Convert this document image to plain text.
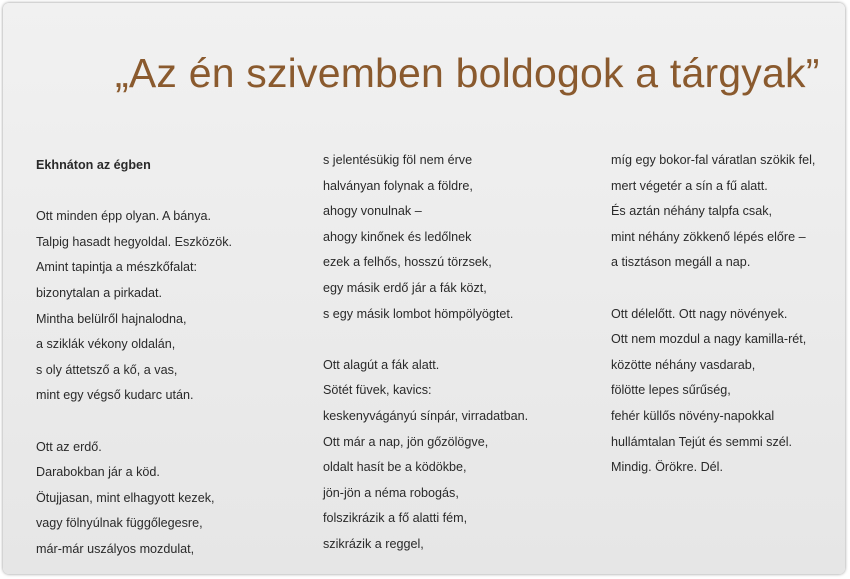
„Az én szivemben boldogok a tárgyak”
Ekhnáton az égben
Ott minden épp olyan. A bánya.
Talpig hasadt hegyoldal. Eszközök.
Amint tapintja a mészkőfalat:
bizonytalan a pirkadat.
Mintha belülről hajnalodna,
a sziklák vékony oldalán,
s oly áttetsző a kő, a vas,
mint egy végső kudarc után.
Ott az erdő.
Darabokban jár a köd.
Ötujjasan, mint elhagyott kezek,
vagy fölnyúlnak függőlegesre,
már-már uszályos mozdulat,
s jelentésükig föl nem érve
halványan folynak a földre,
ahogy vonulnak –
ahogy kinőnek és ledőlnek
ezek a felhős, hosszú törzsek,
egy másik erdő jár a fák közt,
s egy másik lombot hömpölyögtet.
Ott alagút a fák alatt.
Sötét füvek, kavics:
keskenyvágányú sínpár, virradatban.
Ott már a nap, jön gőzölögve,
oldalt hasít be a ködökbe,
jön-jön a néma robogás,
folszikrázik a fő alatti fém,
szikrázik a reggel,
míg egy bokor-fal váratlan szökik fel,
mert végetér a sín a fű alatt.
És aztán néhány talpfa csak,
mint néhány zökkenő lépés előre –
a tisztáson megáll a nap.
Ott délelőtt. Ott nagy növények.
Ott nem mozdul a nagy kamilla-rét,
közötte néhány vasdarab,
fölötte lepes sűrűség,
fehér küllős növény-napokkal
hullámtalan Tejút és semmi szél.
Mindig. Örökre. Dél.
